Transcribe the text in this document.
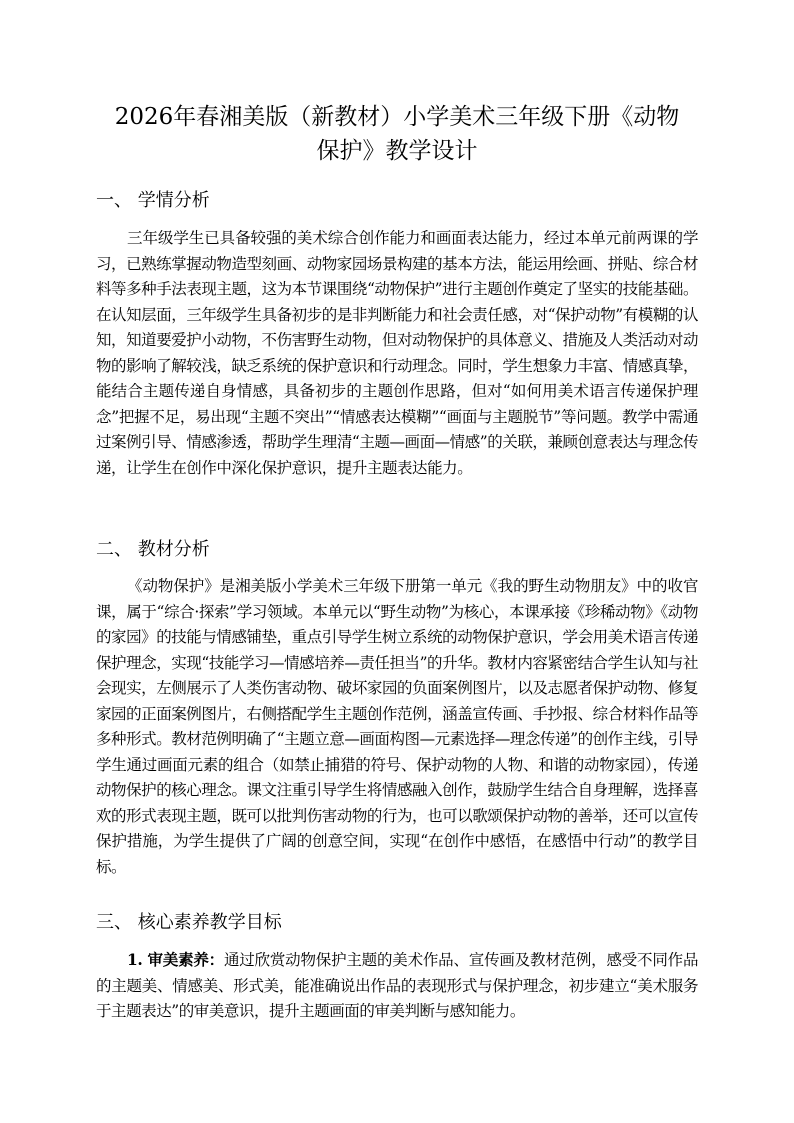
2026年春湘美版（新教材）小学美术三年级下册《动物
保护》教学设计
一、 学情分析

三年级学生已具备较强的美术综合创作能力和画面表达能力，经过本单元前两课的学习，已熟练掌握动物造型刻画、动物家园场景构建的基本方法，能运用绘画、拼贴、综合材料等多种手法表现主题，这为本节课围绕“动物保护”进行主题创作奠定了坚实的技能基础。在认知层面，三年级学生具备初步的是非判断能力和社会责任感，对“保护动物”有模糊的认知，知道要爱护小动物，不伤害野生动物，但对动物保护的具体意义、措施及人类活动对动物的影响了解较浅，缺乏系统的保护意识和行动理念。同时，学生想象力丰富、情感真挚，能结合主题传递自身情感，具备初步的主题创作思路，但对“如何用美术语言传递保护理念”把握不足，易出现“主题不突出”“情感表达模糊”“画面与主题脱节”等问题。教学中需通过案例引导、情感渗透，帮助学生理清“主题—画面—情感”的关联，兼顾创意表达与理念传递，让学生在创作中深化保护意识，提升主题表达能力。

二、 教材分析

《动物保护》是湘美版小学美术三年级下册第一单元《我的野生动物朋友》中的收官课，属于“综合·探索”学习领域。本单元以“野生动物”为核心，本课承接《珍稀动物》《动物的家园》的技能与情感铺垫，重点引导学生树立系统的动物保护意识，学会用美术语言传递保护理念，实现“技能学习—情感培养—责任担当”的升华。教材内容紧密结合学生认知与社会现实，左侧展示了人类伤害动物、破坏家园的负面案例图片，以及志愿者保护动物、修复家园的正面案例图片，右侧搭配学生主题创作范例，涵盖宣传画、手抄报、综合材料作品等多种形式。教材范例明确了“主题立意—画面构图—元素选择—理念传递”的创作主线，引导学生通过画面元素的组合（如禁止捕猎的符号、保护动物的人物、和谐的动物家园），传递动物保护的核心理念。课文注重引导学生将情感融入创作，鼓励学生结合自身理解，选择喜欢的形式表现主题，既可以批判伤害动物的行为，也可以歌颂保护动物的善举，还可以宣传保护措施，为学生提供了广阔的创意空间，实现“在创作中感悟，在感悟中行动”的教学目标。

三、 核心素养教学目标

1. 审美素养：通过欣赏动物保护主题的美术作品、宣传画及教材范例，感受不同作品的主题美、情感美、形式美，能准确说出作品的表现形式与保护理念，初步建立“美术服务于主题表达”的审美意识，提升主题画面的审美判断与感知能力。
